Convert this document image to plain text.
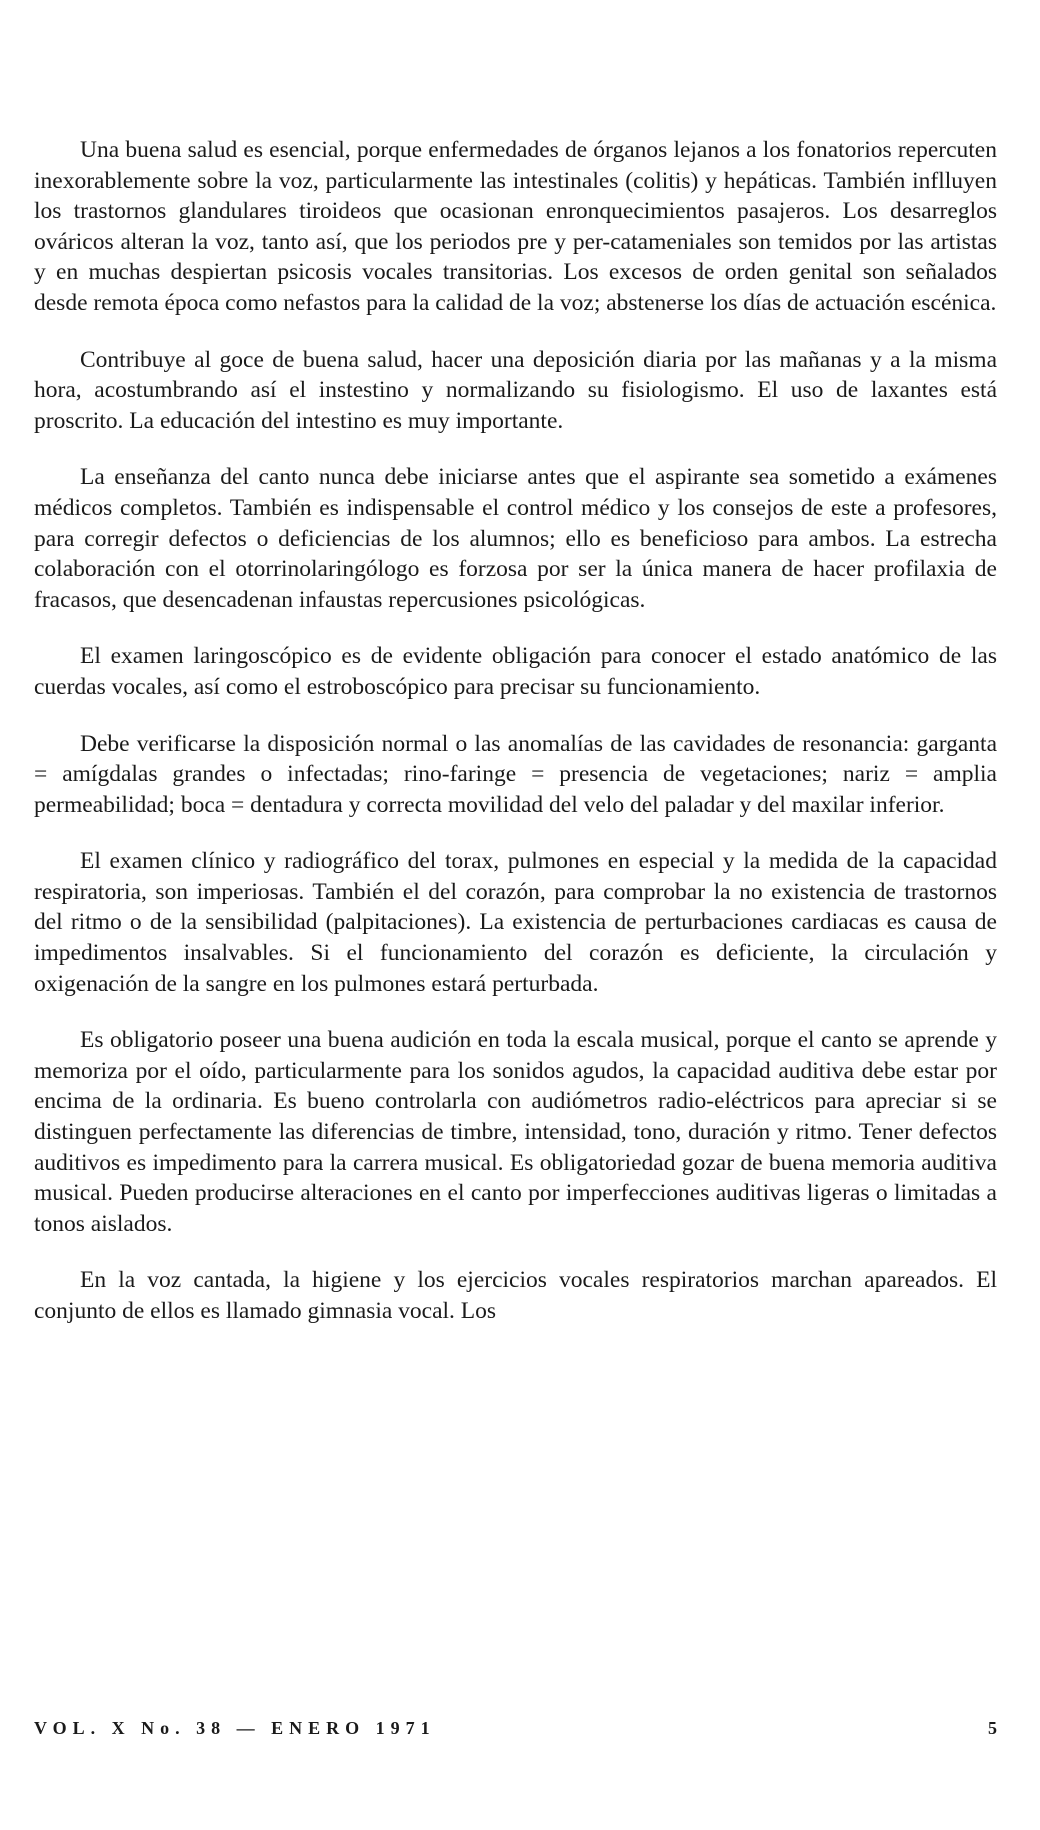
Una buena salud es esencial, porque enfermedades de órganos lejanos a los fonatorios repercuten inexorablemente sobre la voz, particularmente las intestinales (colitis) y hepáticas. También inflluyen los trastornos glandulares tiroideos que ocasionan enronquecimientos pasajeros. Los desarreglos ováricos alteran la voz, tanto así, que los periodos pre y per-catameniales son temidos por las artistas y en muchas despiertan psicosis vocales transitorias. Los excesos de orden genital son señalados desde remota época como nefastos para la calidad de la voz; abstenerse los días de actuación escénica.

Contribuye al goce de buena salud, hacer una deposición diaria por las mañanas y a la misma hora, acostumbrando así el instestino y normalizando su fisiologismo. El uso de laxantes está proscrito. La educación del intestino es muy importante.

La enseñanza del canto nunca debe iniciarse antes que el aspirante sea sometido a exámenes médicos completos. También es indispensable el control médico y los consejos de este a profesores, para corregir defectos o deficiencias de los alumnos; ello es beneficioso para ambos. La estrecha colaboración con el otorrinolaringólogo es forzosa por ser la única manera de hacer profilaxia de fracasos, que desencadenan infaustas repercusiones psicológicas.

El examen laringoscópico es de evidente obligación para conocer el estado anatómico de las cuerdas vocales, así como el estroboscópico para precisar su funcionamiento.

Debe verificarse la disposición normal o las anomalías de las cavidades de resonancia: garganta = amígdalas grandes o infectadas; rino-faringe = presencia de vegetaciones; nariz = amplia permeabilidad; boca = dentadura y correcta movilidad del velo del paladar y del maxilar inferior.

El examen clínico y radiográfico del torax, pulmones en especial y la medida de la capacidad respiratoria, son imperiosas. También el del corazón, para comprobar la no existencia de trastornos del ritmo o de la sensibilidad (palpitaciones). La existencia de perturbaciones cardiacas es causa de impedimentos insalvables. Si el funcionamiento del corazón es deficiente, la circulación y oxigenación de la sangre en los pulmones estará perturbada.

Es obligatorio poseer una buena audición en toda la escala musical, porque el canto se aprende y memoriza por el oído, particularmente para los sonidos agudos, la capacidad auditiva debe estar por encima de la ordinaria. Es bueno controlarla con audiómetros radio-eléctricos para apreciar si se distinguen perfectamente las diferencias de timbre, intensidad, tono, duración y ritmo. Tener defectos auditivos es impedimento para la carrera musical. Es obligatoriedad gozar de buena memoria auditiva musical. Pueden producirse alteraciones en el canto por imperfecciones auditivas ligeras o limitadas a tonos aislados.

En la voz cantada, la higiene y los ejercicios vocales respiratorios marchan apareados. El conjunto de ellos es llamado gimnasia vocal. Los

VOL. X No. 38 — ENERO 1971	5
